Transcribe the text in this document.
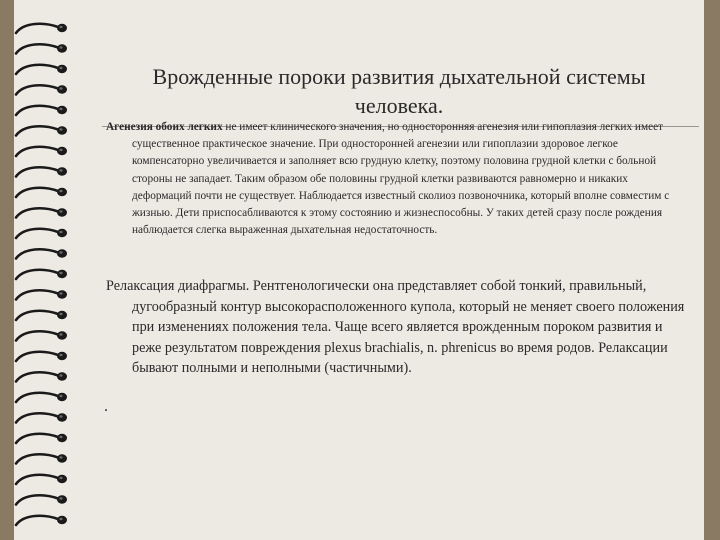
Врожденные пороки развития дыхательной системы человека.
Агенезия обоих легких не имеет клинического значения, но односторонняя агенезия или гипоплазия легких имеет существенное практическое значение. При односторонней агенезии или гипоплазии здоровое легкое компенсаторно увеличивается и заполняет всю грудную клетку, поэтому половина грудной клетки с больной стороны не западает. Таким образом обе половины грудной клетки развиваются равномерно и никаких деформаций почти не существует. Наблюдается известный сколиоз позвоночника, который вполне совместим с жизнью. Дети приспосабливаются к этому состоянию и жизнеспособны. У таких детей сразу после рождения наблюдается слегка выраженная дыхательная недостаточность.
Релаксация диафрагмы. Рентгенологически она представляет собой тонкий, правильный, дугообразный контур высокорасположенного купола, который не меняет своего положения при изменениях положения тела. Чаще всего является врожденным пороком развития и реже результатом повреждения plexus brachialis, n. phrenicus во время родов. Релаксации бывают полными и неполными (частичными).
.
